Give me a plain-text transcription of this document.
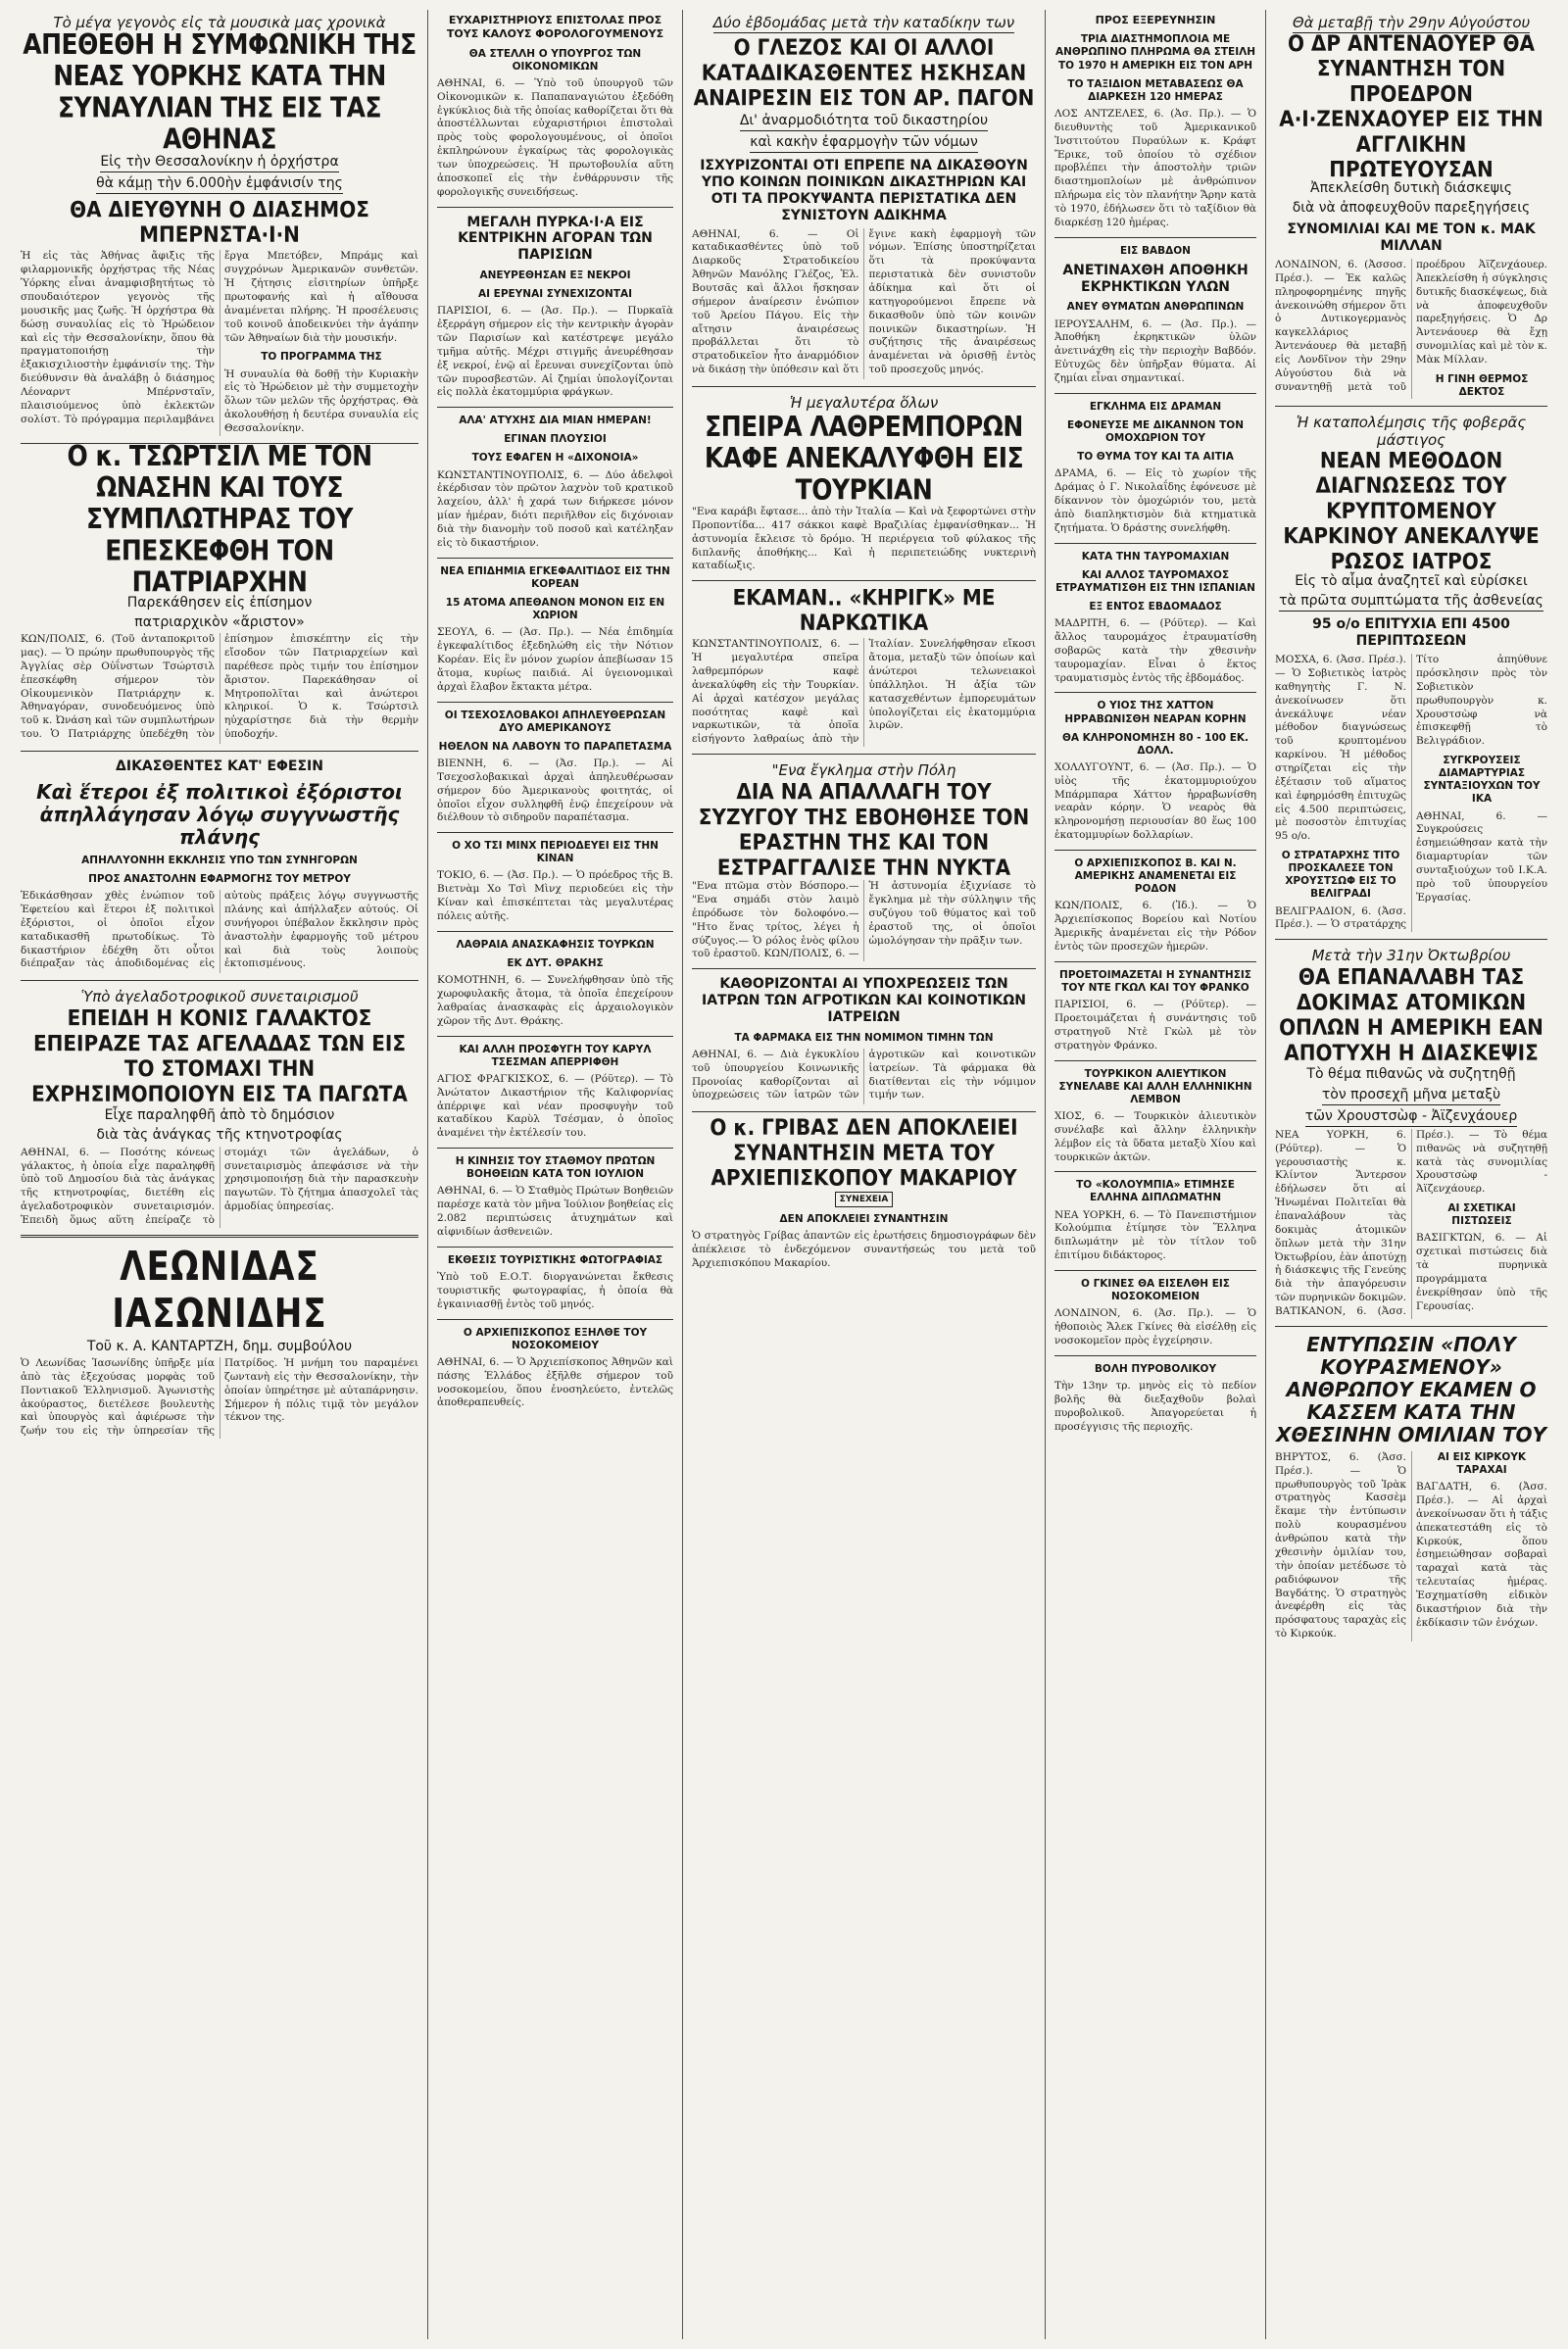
Τὸ μέγα γεγονὸς εἰς τὰ μουσικὰ μας χρονικὰ
ΑΠΕΘΕΘΗ Η ΣΥΜΦΩΝΙΚΗ ΤΗΣ ΝΕΑΣ ΥΟΡΚΗΣ ΚΑΤΑ ΤΗΝ ΣΥΝΑΥΛΙΑΝ ΤΗΣ ΕΙΣ ΤΑΣ ΑΘΗΝΑΣ
Εἰς τὴν Θεσσαλονίκην ἡ ὀρχήστρα
θὰ κάμῃ τὴν 6.000ὴν ἐμφάνισίν της
ΘΑ ΔΙΕΥΘΥΝΗ Ο ΔΙΑΣΗΜΟΣ ΜΠΕΡΝΣΤΑ·Ι·Ν

Ἡ εἰς τὰς Ἀθήνας ἄφιξις τῆς φιλαρμονικῆς ὀρχήστρας τῆς Νέας Ὑόρκης εἶναι ἀναμφισβητήτως τὸ σπουδαιότερον γεγονὸς τῆς μουσικῆς μας ζωῆς. Ἡ ὀρχήστρα θὰ δώσῃ συναυλίας εἰς τὸ Ἡρώδειον καὶ εἰς τὴν Θεσσαλονίκην, ὅπου θὰ πραγματοποιήσῃ τὴν ἑξακισχιλιοστὴν ἐμφάνισίν της. Τὴν διεύθυνσιν θὰ ἀναλάβῃ ὁ διάσημος Λέοναρντ Μπέρνσταϊν, πλαισιούμενος ὑπὸ ἐκλεκτῶν σολίστ. Τὸ πρόγραμμα περιλαμβάνει ἔργα Μπετόβεν, Μπράμς καὶ συγχρόνων Ἀμερικανῶν συνθετῶν. Ἡ ζήτησις εἰσιτηρίων ὑπῆρξε πρωτοφανής καὶ ἡ αἴθουσα ἀναμένεται πλήρης. Ἡ προσέλευσις τοῦ κοινοῦ ἀποδεικνύει τὴν ἀγάπην τῶν Ἀθηναίων διὰ τὴν μουσικήν.

ΤΟ ΠΡΟΓΡΑΜΜΑ ΤΗΣ

Ἡ συναυλία θὰ δοθῇ τὴν Κυριακὴν εἰς τὸ Ἡρώδειον μὲ τὴν συμμετοχὴν ὅλων τῶν μελῶν τῆς ὀρχήστρας. Θὰ ἀκολουθήσῃ ἡ δευτέρα συναυλία εἰς Θεσσαλονίκην.

Ο κ. ΤΣΩΡΤΣΙΛ ΜΕ ΤΟΝ ΩΝΑΣΗΝ ΚΑΙ ΤΟΥΣ ΣΥΜΠΛΩΤΗΡΑΣ ΤΟΥ ΕΠΕΣΚΕΦΘΗ ΤΟΝ ΠΑΤΡΙΑΡΧΗΝ
Παρεκάθησεν εἰς ἐπίσημον
πατριαρχικὸν «ἄριστον»

ΚΩΝ/ΠΟΛΙΣ, 6. (Τοῦ ἀνταποκριτοῦ μας). — Ὁ πρώην πρωθυπουργὸς τῆς Ἀγγλίας σὲρ Οὐΐνστων Τσώρτσιλ ἐπεσκέφθη σήμερον τὸν Οἰκουμενικὸν Πατριάρχην κ. Ἀθηναγόραν, συνοδευόμενος ὑπὸ τοῦ κ. Ὠνάση καὶ τῶν συμπλωτήρων του. Ὁ Πατριάρχης ὑπεδέχθη τὸν ἐπίσημον ἐπισκέπτην εἰς τὴν εἴσοδον τῶν Πατριαρχείων καὶ παρέθεσε πρὸς τιμήν του ἐπίσημον ἄριστον. Παρεκάθησαν οἱ Μητροπολῖται καὶ ἀνώτεροι κληρικοί. Ὁ κ. Τσώρτσιλ ηὐχαρίστησε διὰ τὴν θερμὴν ὑποδοχήν.

ΔΙΚΑΣΘΕΝΤΕΣ ΚΑΤ' ΕΦΕΣΙΝ
Καὶ ἕτεροι ἐξ πολιτικοὶ ἐξόριστοι ἀπηλλάγησαν λόγῳ συγγνωστῆς πλάνης
ΑΠΗΛΛΥΟΝΗΗ ΕΚΚΛΗΣΙΣ ΥΠΟ ΤΩΝ ΣΥΝΗΓΟΡΩΝ
ΠΡΟΣ ΑΝΑΣΤΟΛΗΝ ΕΦΑΡΜΟΓΗΣ ΤΟΥ ΜΕΤΡΟΥ

Ἐδικάσθησαν χθὲς ἐνώπιον τοῦ Ἐφετείου καὶ ἕτεροι ἐξ πολιτικοὶ ἐξόριστοι, οἱ ὁποῖοι εἶχον καταδικασθῆ πρωτοδίκως. Τὸ δικαστήριον ἐδέχθη ὅτι οὗτοι διέπραξαν τὰς ἀποδιδομένας εἰς αὐτοὺς πράξεις λόγῳ συγγνωστῆς πλάνης καὶ ἀπήλλαξεν αὐτούς. Οἱ συνήγοροι ὑπέβαλον ἔκκλησιν πρὸς ἀναστολὴν ἐφαρμογῆς τοῦ μέτρου καὶ διὰ τοὺς λοιποὺς ἐκτοπισμένους.

Ὑπὸ ἀγελαδοτροφικοῦ συνεταιρισμοῦ
ΕΠΕΙΔΗ Η ΚΟΝΙΣ ΓΑΛΑΚΤΟΣ ΕΠΕΙΡΑΖΕ ΤΑΣ ΑΓΕΛΑΔΑΣ ΤΩΝ ΕΙΣ ΤΟ ΣΤΟΜΑΧΙ ΤΗΝ ΕΧΡΗΣΙΜΟΠΟΙΟΥΝ ΕΙΣ ΤΑ ΠΑΓΩΤΑ
Εἶχε παραληφθῆ ἀπὸ τὸ δημόσιον
διὰ τὰς ἀνάγκας τῆς κτηνοτροφίας

ΑΘΗΝΑΙ, 6. — Ποσότης κόνεως γάλακτος, ἡ ὁποία εἶχε παραληφθῆ ὑπὸ τοῦ Δημοσίου διὰ τὰς ἀνάγκας τῆς κτηνοτροφίας, διετέθη εἰς ἀγελαδοτροφικὸν συνεταιρισμόν. Ἐπειδὴ ὅμως αὕτη ἐπείραζε τὸ στομάχι τῶν ἀγελάδων, ὁ συνεταιρισμὸς ἀπεφάσισε νὰ τὴν χρησιμοποιήσῃ διὰ τὴν παρασκευὴν παγωτῶν. Τὸ ζήτημα ἀπασχολεῖ τὰς ἁρμοδίας ὑπηρεσίας.

ΛΕΩΝΙΔΑΣ ΙΑΣΩΝΙΔΗΣ
Τοῦ κ. Α. ΚΑΝΤΑΡΤΖΗ, δημ. συμβούλου

Ὁ Λεωνίδας Ἰασωνίδης ὑπῆρξε μία ἀπὸ τὰς ἐξεχούσας μορφὰς τοῦ Ποντιακοῦ Ἑλληνισμοῦ. Ἀγωνιστὴς ἀκούραστος, διετέλεσε βουλευτὴς καὶ ὑπουργὸς καὶ ἀφιέρωσε τὴν ζωήν του εἰς τὴν ὑπηρεσίαν τῆς Πατρίδος. Ἡ μνήμη του παραμένει ζωντανὴ εἰς τὴν Θεσσαλονίκην, τὴν ὁποίαν ὑπηρέτησε μὲ αὐταπάρνησιν. Σήμερον ἡ πόλις τιμᾷ τὸν μεγάλον τέκνον της.

ΕΥΧΑΡΙΣΤΗΡΙΟΥΣ ΕΠΙΣΤΟΛΑΣ ΠΡΟΣ ΤΟΥΣ ΚΑΛΟΥΣ ΦΟΡΟΛΟΓΟΥΜΕΝΟΥΣ
ΘΑ ΣΤΕΛΛΗ Ο ΥΠΟΥΡΓΟΣ ΤΩΝ ΟΙΚΟΝΟΜΙΚΩΝ

ΑΘΗΝΑΙ, 6. — Ὑπὸ τοῦ ὑπουργοῦ τῶν Οἰκονομικῶν κ. Παπαπαναγιώτου ἐξεδόθη ἐγκύκλιος διὰ τῆς ὁποίας καθορίζεται ὅτι θὰ ἀποστέλλωνται εὐχαριστήριοι ἐπιστολαὶ πρὸς τοὺς φορολογουμένους, οἱ ὁποῖοι ἐκπληρώνουν ἐγκαίρως τὰς φορολογικὰς των ὑποχρεώσεις. Ἡ πρωτοβουλία αὕτη ἀποσκοπεῖ εἰς τὴν ἐνθάρρυνσιν τῆς φορολογικῆς συνειδήσεως.

ΜΕΓΑΛΗ ΠΥΡΚΑ·Ι·Α ΕΙΣ ΚΕΝΤΡΙΚΗΝ ΑΓΟΡΑΝ ΤΩΝ ΠΑΡΙΣΙΩΝ
ΑΝΕΥΡΕΘΗΣΑΝ ΕΞ ΝΕΚΡΟΙ
ΑΙ ΕΡΕΥΝΑΙ ΣΥΝΕΧΙΖΟΝΤΑΙ

ΠΑΡΙΣΙΟΙ, 6. — (Ἀσ. Πρ.). — Πυρκαϊὰ ἐξερράγη σήμερον εἰς τὴν κεντρικὴν ἀγορὰν τῶν Παρισίων καὶ κατέστρεψε μεγάλο τμῆμα αὐτῆς. Μέχρι στιγμῆς ἀνευρέθησαν ἐξ νεκροί, ἐνῷ αἱ ἔρευναι συνεχίζονται ὑπὸ τῶν πυροσβεστῶν. Αἱ ζημίαι ὑπολογίζονται εἰς πολλὰ ἑκατομμύρια φράγκων.

ΑΛΑ' ΑΤΥΧΗΣ ΔΙΑ ΜΙΑΝ ΗΜΕΡΑΝ!
ΕΓΙΝΑΝ ΠΛΟΥΣΙΟΙ
ΤΟΥΣ ΕΦΑΓΕΝ Η «ΔΙΧΟΝΟΙΑ»

ΚΩΝΣΤΑΝΤΙΝΟΥΠΟΛΙΣ, 6. — Δύο ἀδελφοὶ ἐκέρδισαν τὸν πρῶτον λαχνὸν τοῦ κρατικοῦ λαχείου, ἀλλ' ἡ χαρά των διήρκεσε μόνον μίαν ἡμέραν, διότι περιῆλθον εἰς διχόνοιαν διὰ τὴν διανομὴν τοῦ ποσοῦ καὶ κατέληξαν εἰς τὸ δικαστήριον.

ΝΕΑ ΕΠΙΔΗΜΙΑ ΕΓΚΕΦΑΛΙΤΙΔΟΣ ΕΙΣ ΤΗΝ ΚΟΡΕΑΝ
15 ΑΤΟΜΑ ΑΠΕΘΑΝΟΝ ΜΟΝΟΝ ΕΙΣ ΕΝ ΧΩΡΙΟΝ

ΣΕΟΥΛ, 6. — (Ἀσ. Πρ.). — Νέα ἐπιδημία ἐγκεφαλίτιδος ἐξεδηλώθη εἰς τὴν Νότιον Κορέαν. Εἰς ἓν μόνον χωρίον ἀπεβίωσαν 15 ἄτομα, κυρίως παιδιά. Αἱ ὑγειονομικαὶ ἀρχαὶ ἔλαβον ἔκτακτα μέτρα.

ΟΙ ΤΣΕΧΟΣΛΟΒΑΚΟΙ ΑΠΗΛΕΥΘΕΡΩΣΑΝ ΔΥΟ ΑΜΕΡΙΚΑΝΟΥΣ
ΗΘΕΛΟΝ ΝΑ ΛΑΒΟΥΝ ΤΟ ΠΑΡΑΠΕΤΑΣΜΑ

ΒΙΕΝΝΗ, 6. — (Ἀσ. Πρ.). — Αἱ Τσεχοσλοβακικαὶ ἀρχαὶ ἀπηλευθέρωσαν σήμερον δύο Ἀμερικανοὺς φοιτητάς, οἱ ὁποῖοι εἶχον συλληφθῆ ἐνῷ ἐπεχείρουν νὰ διέλθουν τὸ σιδηροῦν παραπέτασμα.

Ο ΧΟ ΤΣΙ ΜΙΝΧ ΠΕΡΙΟΔΕΥΕΙ ΕΙΣ ΤΗΝ ΚΙΝΑΝ

ΤΟΚΙΟ, 6. — (Ἀσ. Πρ.). — Ὁ πρόεδρος τῆς Β. Βιετνὰμ Χο Τσὶ Μὶνχ περιοδεύει εἰς τὴν Κίναν καὶ ἐπισκέπτεται τὰς μεγαλυτέρας πόλεις αὐτῆς.

ΛΑΘΡΑΙΑ ΑΝΑΣΚΑΦΗΣΙΣ ΤΟΥΡΚΩΝ
ΕΚ ΔΥΤ. ΘΡΑΚΗΣ

ΚΟΜΟΤΗΝΗ, 6. — Συνελήφθησαν ὑπὸ τῆς χωροφυλακῆς ἄτομα, τὰ ὁποῖα ἐπεχείρουν λαθραίας ἀνασκαφὰς εἰς ἀρχαιολογικὸν χῶρον τῆς Δυτ. Θράκης.

ΚΑΙ ΑΛΛΗ ΠΡΟΣΦΥΓΗ ΤΟΥ ΚΑΡΥΛ ΤΣΕΣΜΑΝ ΑΠΕΡΡΙΦΘΗ

ΑΓΙΟΣ ΦΡΑΓΚΙΣΚΟΣ, 6. — (Ρόϋτερ). — Τὸ Ἀνώτατον Δικαστήριον τῆς Καλιφορνίας ἀπέρριψε καὶ νέαν προσφυγὴν τοῦ καταδίκου Καρὺλ Τσέσμαν, ὁ ὁποῖος ἀναμένει τὴν ἐκτέλεσίν του.

Η ΚΙΝΗΣΙΣ ΤΟΥ ΣΤΑΘΜΟΥ ΠΡΩΤΩΝ ΒΟΗΘΕΙΩΝ ΚΑΤΑ ΤΟΝ ΙΟΥΛΙΟΝ

ΑΘΗΝΑΙ, 6. — Ὁ Σταθμὸς Πρώτων Βοηθειῶν παρέσχε κατὰ τὸν μῆνα Ἰούλιον βοηθείας εἰς 2.082 περιπτώσεις ἀτυχημάτων καὶ αἰφνιδίων ἀσθενειῶν.

ΕΚΘΕΣΙΣ ΤΟΥΡΙΣΤΙΚΗΣ ΦΩΤΟΓΡΑΦΙΑΣ

Ὑπὸ τοῦ Ε.Ο.Τ. διοργανώνεται ἔκθεσις τουριστικῆς φωτογραφίας, ἡ ὁποία θὰ ἐγκαινιασθῇ ἐντὸς τοῦ μηνός.

Ο ΑΡΧΙΕΠΙΣΚΟΠΟΣ ΕΞΗΛΘΕ ΤΟΥ ΝΟΣΟΚΟΜΕΙΟΥ

ΑΘΗΝΑΙ, 6. — Ὁ Ἀρχιεπίσκοπος Ἀθηνῶν καὶ πάσης Ἑλλάδος ἐξῆλθε σήμερον τοῦ νοσοκομείου, ὅπου ἐνοσηλεύετο, ἐντελῶς ἀποθεραπευθείς.

Δύο ἑβδομάδας μετὰ τὴν καταδίκην των
Ο ΓΛΕΖΟΣ ΚΑΙ ΟΙ ΑΛΛΟΙ ΚΑΤΑΔΙΚΑΣΘΕΝΤΕΣ ΗΣΚΗΣΑΝ ΑΝΑΙΡΕΣΙΝ ΕΙΣ ΤΟΝ ΑΡ. ΠΑΓΟΝ
Δι' ἀναρμοδιότητα τοῦ δικαστηρίου
καὶ κακὴν ἐφαρμογὴν τῶν νόμων
ΙΣΧΥΡΙΖΟΝΤΑΙ ΟΤΙ ΕΠΡΕΠΕ ΝΑ ΔΙΚΑΣΘΟΥΝ ΥΠΟ ΚΟΙΝΩΝ ΠΟΙΝΙΚΩΝ ΔΙΚΑΣΤΗΡΙΩΝ ΚΑΙ ΟΤΙ ΤΑ ΠΡΟΚΥΨΑΝΤΑ ΠΕΡΙΣΤΑΤΙΚΑ ΔΕΝ ΣΥΝΙΣΤΟΥΝ ΑΔΙΚΗΜΑ

ΑΘΗΝΑΙ, 6. — Οἱ καταδικασθέντες ὑπὸ τοῦ Διαρκοῦς Στρατοδικείου Ἀθηνῶν Μανόλης Γλέζος, Ἐλ. Βουτσᾶς καὶ ἄλλοι ἤσκησαν σήμερον ἀναίρεσιν ἐνώπιον τοῦ Ἀρείου Πάγου. Εἰς τὴν αἴτησιν ἀναιρέσεως προβάλλεται ὅτι τὸ στρατοδικεῖον ἦτο ἀναρμόδιον νὰ δικάσῃ τὴν ὑπόθεσιν καὶ ὅτι ἔγινε κακὴ ἐφαρμογὴ τῶν νόμων. Ἐπίσης ὑποστηρίζεται ὅτι τὰ προκύψαντα περιστατικὰ δὲν συνιστοῦν ἀδίκημα καὶ ὅτι οἱ κατηγορούμενοι ἔπρεπε νὰ δικασθοῦν ὑπὸ τῶν κοινῶν ποινικῶν δικαστηρίων. Ἡ συζήτησις τῆς ἀναιρέσεως ἀναμένεται νὰ ὁρισθῇ ἐντὸς τοῦ προσεχοῦς μηνός.

Ἡ μεγαλυτέρα ὅλων
ΣΠΕΙΡΑ ΛΑΘΡΕΜΠΟΡΩΝ ΚΑΦΕ ΑΝΕΚΑΛΥΦΘΗ ΕΙΣ ΤΟΥΡΚΙΑΝ

"Ενα καράβι ἔφτασε... ἀπὸ τὴν Ἰταλία — Καὶ νὰ ξεφορτώνει στὴν Προποντίδα... 417 σάκκοι καφὲ Βραζιλίας ἐμφανίσθηκαν... Ἡ ἀστυνομία ἔκλεισε τὸ δρόμο. Ἡ περιέργεια τοῦ φύλακος τῆς διπλανῆς ἀποθήκης... Καὶ ἡ περιπετειώδης νυκτερινὴ καταδίωξις.

ΕΚΑΜΑΝ.. «ΚΗΡΙΓΚ» ΜΕ ΝΑΡΚΩΤΙΚΑ

ΚΩΝΣΤΑΝΤΙΝΟΥΠΟΛΙΣ, 6. — Ἡ μεγαλυτέρα σπεῖρα λαθρεμπόρων καφὲ ἀνεκαλύφθη εἰς τὴν Τουρκίαν. Αἱ ἀρχαὶ κατέσχον μεγάλας ποσότητας καφὲ καὶ ναρκωτικῶν, τὰ ὁποῖα εἰσήγοντο λαθραίως ἀπὸ τὴν Ἰταλίαν. Συνελήφθησαν εἴκοσι ἄτομα, μεταξὺ τῶν ὁποίων καὶ ἀνώτεροι τελωνειακοὶ ὑπάλληλοι. Ἡ ἀξία τῶν κατασχεθέντων ἐμπορευμάτων ὑπολογίζεται εἰς ἑκατομμύρια λιρῶν.

"Ενα ἔγκλημα στὴν Πόλη
ΔΙΑ ΝΑ ΑΠΑΛΛΑΓΗ ΤΟΥ ΣΥΖΥΓΟΥ ΤΗΣ ΕΒΟΗΘΗΣΕ ΤΟΝ ΕΡΑΣΤΗΝ ΤΗΣ ΚΑΙ ΤΟΝ ΕΣΤΡΑΓΓΑΛΙΣΕ ΤΗΝ ΝΥΚΤΑ

"Ενα πτῶμα στὸν Βόσπορο.— "Ενα σημάδι στὸν λαιμὸ ἐπρόδωσε τὸν δολοφόνο.— "Ητο ἕνας τρίτος, λέγει ἡ σύζυγος.— Ὁ ρόλος ἑνὸς φίλου τοῦ ἐραστοῦ. ΚΩΝ/ΠΟΛΙΣ, 6. — Ἡ ἀστυνομία ἐξιχνίασε τὸ ἔγκλημα μὲ τὴν σύλληψιν τῆς συζύγου τοῦ θύματος καὶ τοῦ ἐραστοῦ της, οἱ ὁποῖοι ὡμολόγησαν τὴν πρᾶξιν των.

ΚΑΘΟΡΙΖΟΝΤΑΙ ΑΙ ΥΠΟΧΡΕΩΣΕΙΣ ΤΩΝ ΙΑΤΡΩΝ ΤΩΝ ΑΓΡΟΤΙΚΩΝ ΚΑΙ ΚΟΙΝΟΤΙΚΩΝ ΙΑΤΡΕΙΩΝ
ΤΑ ΦΑΡΜΑΚΑ ΕΙΣ ΤΗΝ ΝΟΜΙΜΟΝ ΤΙΜΗΝ ΤΩΝ

ΑΘΗΝΑΙ, 6. — Διὰ ἐγκυκλίου τοῦ ὑπουργείου Κοινωνικῆς Προνοίας καθορίζονται αἱ ὑποχρεώσεις τῶν ἰατρῶν τῶν ἀγροτικῶν καὶ κοινοτικῶν ἰατρείων. Τὰ φάρμακα θὰ διατίθενται εἰς τὴν νόμιμον τιμήν των.

Ο κ. ΓΡΙΒΑΣ ΔΕΝ ΑΠΟΚΛΕΙΕΙ ΣΥΝΑΝΤΗΣΙΝ ΜΕΤΑ ΤΟΥ ΑΡΧΙΕΠΙΣΚΟΠΟΥ ΜΑΚΑΡΙΟΥ
ΣΥΝΕΧΕΙΑ
ΔΕΝ ΑΠΟΚΛΕΙΕΙ ΣΥΝΑΝΤΗΣΙΝ

Ὁ στρατηγὸς Γρίβας ἀπαντῶν εἰς ἐρωτήσεις δημοσιογράφων δὲν ἀπέκλεισε τὸ ἐνδεχόμενον συναντήσεώς του μετὰ τοῦ Ἀρχιεπισκόπου Μακαρίου.

ΠΡΟΣ ΕΞΕΡΕΥΝΗΣΙΝ
ΤΡΙΑ ΔΙΑΣΤΗΜΟΠΛΟΙΑ ΜΕ ΑΝΘΡΩΠΙΝΟ ΠΛΗΡΩΜΑ ΘΑ ΣΤΕΙΛΗ ΤΟ 1970 Η ΑΜΕΡΙΚΗ ΕΙΣ ΤΟΝ ΑΡΗ
ΤΟ ΤΑΞΙΔΙΟΝ ΜΕΤΑΒΑΣΕΩΣ ΘΑ ΔΙΑΡΚΕΣΗ 120 ΗΜΕΡΑΣ

ΛΟΣ ΑΝΤΖΕΛΕΣ, 6. (Ἀσ. Πρ.). — Ὁ διευθυντὴς τοῦ Ἀμερικανικοῦ Ἰνστιτούτου Πυραύλων κ. Κράφτ Ἔρικε, τοῦ ὁποίου τὸ σχέδιον προβλέπει τὴν ἀποστολὴν τριῶν διαστημοπλοίων μὲ ἀνθρώπινον πλήρωμα εἰς τὸν πλανήτην Ἄρην κατὰ τὸ 1970, ἐδήλωσεν ὅτι τὸ ταξίδιον θὰ διαρκέσῃ 120 ἡμέρας.

ΕΙΣ ΒΑΒΔΟΝ
ΑΝΕΤΙΝΑΧΘΗ ΑΠΟΘΗΚΗ ΕΚΡΗΚΤΙΚΩΝ ΥΛΩΝ
ΑΝΕΥ ΘΥΜΑΤΩΝ ΑΝΘΡΩΠΙΝΩΝ

ΙΕΡΟΥΣΑΛΗΜ, 6. — (Ἀσ. Πρ.). — Ἀποθήκη ἐκρηκτικῶν ὑλῶν ἀνετινάχθη εἰς τὴν περιοχὴν Βαβδόν. Εὐτυχῶς δὲν ὑπῆρξαν θύματα. Αἱ ζημίαι εἶναι σημαντικαί.

ΕΓΚΛΗΜΑ ΕΙΣ ΔΡΑΜΑΝ
ΕΦΟΝΕΥΣΕ ΜΕ ΔΙΚΑΝΝΟΝ ΤΟΝ ΟΜΟΧΩΡΙΟΝ ΤΟΥ
ΤΟ ΘΥΜΑ ΤΟΥ ΚΑΙ ΤΑ ΑΙΤΙΑ

ΔΡΑΜΑ, 6. — Εἰς τὸ χωρίον τῆς Δράμας ὁ Γ. Νικολαΐδης ἐφόνευσε μὲ δίκαννον τὸν ὁμοχώριόν του, μετὰ ἀπὸ διαπληκτισμὸν διὰ κτηματικὰ ζητήματα. Ὁ δράστης συνελήφθη.

ΚΑΤΑ ΤΗΝ ΤΑΥΡΟΜΑΧΙΑΝ
ΚΑΙ ΑΛΛΟΣ ΤΑΥΡΟΜΑΧΟΣ ΕΤΡΑΥΜΑΤΙΣΘΗ ΕΙΣ ΤΗΝ ΙΣΠΑΝΙΑΝ
ΕΞ ΕΝΤΟΣ ΕΒΔΟΜΑΔΟΣ

ΜΑΔΡΙΤΗ, 6. — (Ρόϋτερ). — Καὶ ἄλλος ταυρομάχος ἐτραυματίσθη σοβαρῶς κατὰ τὴν χθεσινὴν ταυρομαχίαν. Εἶναι ὁ ἕκτος τραυματισμὸς ἐντὸς τῆς ἑβδομάδος.

Ο ΥΙΟΣ ΤΗΣ ΧΑΤΤΟΝ ΗΡΡΑΒΩΝΙΣΘΗ ΝΕΑΡΑΝ ΚΟΡΗΝ
ΘΑ ΚΛΗΡΟΝΟΜΗΣΗ 80 - 100 ΕΚ. ΔΟΛΛ.

ΧΟΛΛΥΓΟΥΝΤ, 6. — (Ἀσ. Πρ.). — Ὁ υἱὸς τῆς ἑκατομμυριούχου Μπάρμπαρα Χάττον ἠρραβωνίσθη νεαρὰν κόρην. Ὁ νεαρὸς θὰ κληρονομήσῃ περιουσίαν 80 ἕως 100 ἑκατομμυρίων δολλαρίων.

Ο ΑΡΧΙΕΠΙΣΚΟΠΟΣ Β. ΚΑΙ Ν. ΑΜΕΡΙΚΗΣ ΑΝΑΜΕΝΕΤΑΙ ΕΙΣ ΡΟΔΟΝ

ΚΩΝ/ΠΟΛΙΣ, 6. (Ἰδ.). — Ὁ Ἀρχιεπίσκοπος Βορείου καὶ Νοτίου Ἀμερικῆς ἀναμένεται εἰς τὴν Ρόδον ἐντὸς τῶν προσεχῶν ἡμερῶν.

ΠΡΟΕΤΟΙΜΑΖΕΤΑΙ Η ΣΥΝΑΝΤΗΣΙΣ ΤΟΥ ΝΤΕ ΓΚΩΛ ΚΑΙ ΤΟΥ ΦΡΑΝΚΟ

ΠΑΡΙΣΙΟΙ, 6. — (Ρόϋτερ). — Προετοιμάζεται ἡ συνάντησις τοῦ στρατηγοῦ Ντὲ Γκὼλ μὲ τὸν στρατηγὸν Φράνκο.

ΤΟΥΡΚΙΚΟΝ ΑΛΙΕΥΤΙΚΟΝ ΣΥΝΕΛΑΒΕ ΚΑΙ ΑΛΛΗ ΕΛΛΗΝΙΚΗΝ ΛΕΜΒΟΝ

ΧΙΟΣ, 6. — Τουρκικὸν ἀλιευτικὸν συνέλαβε καὶ ἄλλην ἑλληνικὴν λέμβον εἰς τὰ ὕδατα μεταξὺ Χίου καὶ τουρκικῶν ἀκτῶν.

ΤΟ «ΚΟΛΟΥΜΠΙΑ» ΕΤΙΜΗΣΕ ΕΛΛΗΝΑ ΔΙΠΛΩΜΑΤΗΝ

ΝΕΑ ΥΟΡΚΗ, 6. — Τὸ Πανεπιστήμιον Κολούμπια ἐτίμησε τὸν Ἕλληνα διπλωμάτην μὲ τὸν τίτλον τοῦ ἐπιτίμου διδάκτορος.

Ο ΓΚΙΝΕΣ ΘΑ ΕΙΣΕΛΘΗ ΕΙΣ ΝΟΣΟΚΟΜΕΙΟΝ

ΛΟΝΔΙΝΟΝ, 6. (Ἀσ. Πρ.). — Ὁ ἠθοποιὸς Ἄλεκ Γκίνες θὰ εἰσέλθῃ εἰς νοσοκομεῖον πρὸς ἐγχείρησιν.

ΒΟΛΗ ΠΥΡΟΒΟΛΙΚΟΥ

Τὴν 13ην τρ. μηνὸς εἰς τὸ πεδίον βολῆς θὰ διεξαχθοῦν βολαὶ πυροβολικοῦ. Ἀπαγορεύεται ἡ προσέγγισις τῆς περιοχῆς.

Θὰ μεταβῇ τὴν 29ην Αὐγούστου
Ο ΔΡ ΑΝΤΕΝΑΟΥΕΡ ΘΑ ΣΥΝΑΝΤΗΣΗ ΤΟΝ ΠΡΟΕΔΡΟΝ Α·Ι·ΖΕΝΧΑΟΥΕΡ ΕΙΣ ΤΗΝ ΑΓΓΛΙΚΗΝ ΠΡΩΤΕΥΟΥΣΑΝ
Ἀπεκλείσθη δυτικὴ διάσκεψις
διὰ νὰ ἀποφευχθοῦν παρεξηγήσεις
ΣΥΝΟΜΙΛΙΑΙ ΚΑΙ ΜΕ ΤΟΝ κ. ΜΑΚ ΜΙΛΛΑΝ

ΛΟΝΔΙΝΟΝ, 6. (Ἀσσοσ. Πρέσ.). — Ἐκ καλῶς πληροφορημένης πηγῆς ἀνεκοινώθη σήμερον ὅτι ὁ Δυτικογερμανὸς καγκελλάριος Ἀντενάουερ θὰ μεταβῇ εἰς Λονδῖνον τὴν 29ην Αὐγούστου διὰ νὰ συναντηθῇ μετὰ τοῦ προέδρου Ἀϊζενχάουερ. Ἀπεκλείσθη ἡ σύγκλησις δυτικῆς διασκέψεως, διὰ νὰ ἀποφευχθοῦν παρεξηγήσεις. Ὁ Δρ Ἀντενάουερ θὰ ἔχῃ συνομιλίας καὶ μὲ τὸν κ. Μὰκ Μίλλαν.

Η ΓΙΝΗ ΘΕΡΜΟΣ ΔΕΚΤΟΣ
Ἡ καταπολέμησις τῆς φοβερᾶς μάστιγος
ΝΕΑΝ ΜΕΘΟΔΟΝ ΔΙΑΓΝΩΣΕΩΣ ΤΟΥ ΚΡΥΠΤΟΜΕΝΟΥ ΚΑΡΚΙΝΟΥ ΑΝΕΚΑΛΥΨΕ ΡΩΣΟΣ ΙΑΤΡΟΣ
Εἰς τὸ αἷμα ἀναζητεῖ καὶ εὑρίσκει
τὰ πρῶτα συμπτώματα τῆς ἀσθενείας
95 ο/ο ΕΠΙΤΥΧΙΑ ΕΠΙ 4500 ΠΕΡΙΠΤΩΣΕΩΝ

ΜΟΣΧΑ, 6. (Ἀσσ. Πρέσ.). — Ὁ Σοβιετικὸς ἰατρὸς καθηγητὴς Γ. Ν. ἀνεκοίνωσεν ὅτι ἀνεκάλυψε νέαν μέθοδον διαγνώσεως τοῦ κρυπτομένου καρκίνου. Ἡ μέθοδος στηρίζεται εἰς τὴν ἐξέτασιν τοῦ αἵματος καὶ ἐφηρμόσθη ἐπιτυχῶς εἰς 4.500 περιπτώσεις, μὲ ποσοστὸν ἐπιτυχίας 95 ο/ο.

Ο ΣΤΡΑΤΑΡΧΗΣ ΤΙΤΟ ΠΡΟΣΚΑΛΕΣΕ ΤΟΝ ΧΡΟΥΣΤΣΩΦ ΕΙΣ ΤΟ ΒΕΛΙΓΡΑΔΙ

ΒΕΛΙΓΡΑΔΙΟΝ, 6. (Ἀσσ. Πρέσ.). — Ὁ στρατάρχης Τίτο ἀπηύθυνε πρόσκλησιν πρὸς τὸν Σοβιετικὸν πρωθυπουργὸν κ. Χρουστσὼφ νὰ ἐπισκεφθῇ τὸ Βελιγράδιον.

ΣΥΓΚΡΟΥΣΕΙΣ ΔΙΑΜΑΡΤΥΡΙΑΣ ΣΥΝΤΑΞΙΟΥΧΩΝ ΤΟΥ ΙΚΑ

ΑΘΗΝΑΙ, 6. — Συγκρούσεις ἐσημειώθησαν κατὰ τὴν διαμαρτυρίαν τῶν συνταξιούχων τοῦ Ι.Κ.Α. πρὸ τοῦ ὑπουργείου Ἐργασίας.

Μετὰ τὴν 31ην Ὀκτωβρίου
ΘΑ ΕΠΑΝΑΛΑΒΗ ΤΑΣ ΔΟΚΙΜΑΣ ΑΤΟΜΙΚΩΝ ΟΠΛΩΝ Η ΑΜΕΡΙΚΗ ΕΑΝ ΑΠΟΤΥΧΗ Η ΔΙΑΣΚΕΨΙΣ
Τὸ θέμα πιθανῶς νὰ συζητηθῇ
τὸν προσεχῆ μῆνα μεταξὺ
τῶν Χρουστσὼφ - Ἀϊζενχάουερ

ΝΕΑ ΥΟΡΚΗ, 6. (Ρόϋτερ). — Ὁ γερουσιαστὴς κ. Κλίντον Ἄντερσον ἐδήλωσεν ὅτι αἱ Ἡνωμέναι Πολιτεῖαι θὰ ἐπαναλάβουν τὰς δοκιμὰς ἀτομικῶν ὅπλων μετὰ τὴν 31ην Ὀκτωβρίου, ἐὰν ἀποτύχῃ ἡ διάσκεψις τῆς Γενεύης διὰ τὴν ἀπαγόρευσιν τῶν πυρηνικῶν δοκιμῶν. ΒΑΤΙΚΑΝΟΝ, 6. (Ἀσσ. Πρέσ.). — Τὸ θέμα πιθανῶς νὰ συζητηθῇ κατὰ τὰς συνομιλίας Χρουστσὼφ - Ἀϊζενχάουερ.

ΑΙ ΣΧΕΤΙΚΑΙ ΠΙΣΤΩΣΕΙΣ

ΒΑΣΙΓΚΤΩΝ, 6. — Αἱ σχετικαὶ πιστώσεις διὰ τὰ πυρηνικὰ προγράμματα ἐνεκρίθησαν ὑπὸ τῆς Γερουσίας.

ΕΝΤΥΠΩΣΙΝ «ΠΟΛΥ ΚΟΥΡΑΣΜΕΝΟΥ» ΑΝΘΡΩΠΟΥ ΕΚΑΜΕΝ Ο ΚΑΣΣΕΜ ΚΑΤΑ ΤΗΝ ΧΘΕΣΙΝΗΝ ΟΜΙΛΙΑΝ ΤΟΥ

ΒΗΡΥΤΟΣ, 6. (Ἀσσ. Πρέσ.). — Ὁ πρωθυπουργὸς τοῦ Ἰρὰκ στρατηγὸς Κασσὲμ ἔκαμε τὴν ἐντύπωσιν πολὺ κουρασμένου ἀνθρώπου κατὰ τὴν χθεσινὴν ὁμιλίαν του, τὴν ὁποίαν μετέδωσε τὸ ραδιόφωνον τῆς Βαγδάτης. Ὁ στρατηγὸς ἀνεφέρθη εἰς τὰς πρόσφατους ταραχὰς εἰς τὸ Κιρκούκ.

ΑΙ ΕΙΣ ΚΙΡΚΟΥΚ ΤΑΡΑΧΑΙ

ΒΑΓΔΑΤΗ, 6. (Ἀσσ. Πρέσ.). — Αἱ ἀρχαὶ ἀνεκοίνωσαν ὅτι ἡ τάξις ἀπεκατεστάθη εἰς τὸ Κιρκούκ, ὅπου ἐσημειώθησαν σοβαραὶ ταραχαὶ κατὰ τὰς τελευταίας ἡμέρας. Ἐσχηματίσθη εἰδικὸν δικαστήριον διὰ τὴν ἐκδίκασιν τῶν ἐνόχων.
